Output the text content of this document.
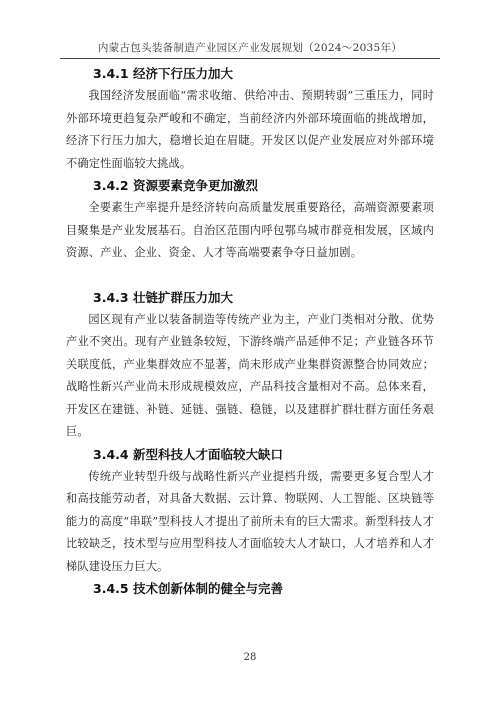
内蒙古包头装备制造产业园区产业发展规划（2024～2035年）
3.4.1 经济下行压力加大

我国经济发展面临“需求收缩、供给冲击、预期转弱”三重压力，同时外部环境更趋复杂严峻和不确定，当前经济内外部环境面临的挑战增加，经济下行压力加大，稳增长迫在眉睫。开发区以促产业发展应对外部环境不确定性面临较大挑战。

3.4.2 资源要素竞争更加激烈

全要素生产率提升是经济转向高质量发展重要路径，高端资源要素项目聚集是产业发展基石。自治区范围内呼包鄂乌城市群竞相发展，区域内资源、产业、企业、资金、人才等高端要素争夺日益加剧。

3.4.3 壮链扩群压力加大

园区现有产业以装备制造等传统产业为主，产业门类相对分散、优势产业不突出。现有产业链条较短，下游终端产品延伸不足；产业链各环节关联度低，产业集群效应不显著，尚未形成产业集群资源整合协同效应；战略性新兴产业尚未形成规模效应，产品科技含量相对不高。总体来看，开发区在建链、补链、延链、强链、稳链，以及建群扩群壮群方面任务艰巨。

3.4.4 新型科技人才面临较大缺口

传统产业转型升级与战略性新兴产业提档升级，需要更多复合型人才和高技能劳动者，对具备大数据、云计算、物联网、人工智能、区块链等能力的高度“串联”型科技人才提出了前所未有的巨大需求。新型科技人才比较缺乏，技术型与应用型科技人才面临较大人才缺口，人才培养和人才梯队建设压力巨大。

3.4.5 技术创新体制的健全与完善
28
